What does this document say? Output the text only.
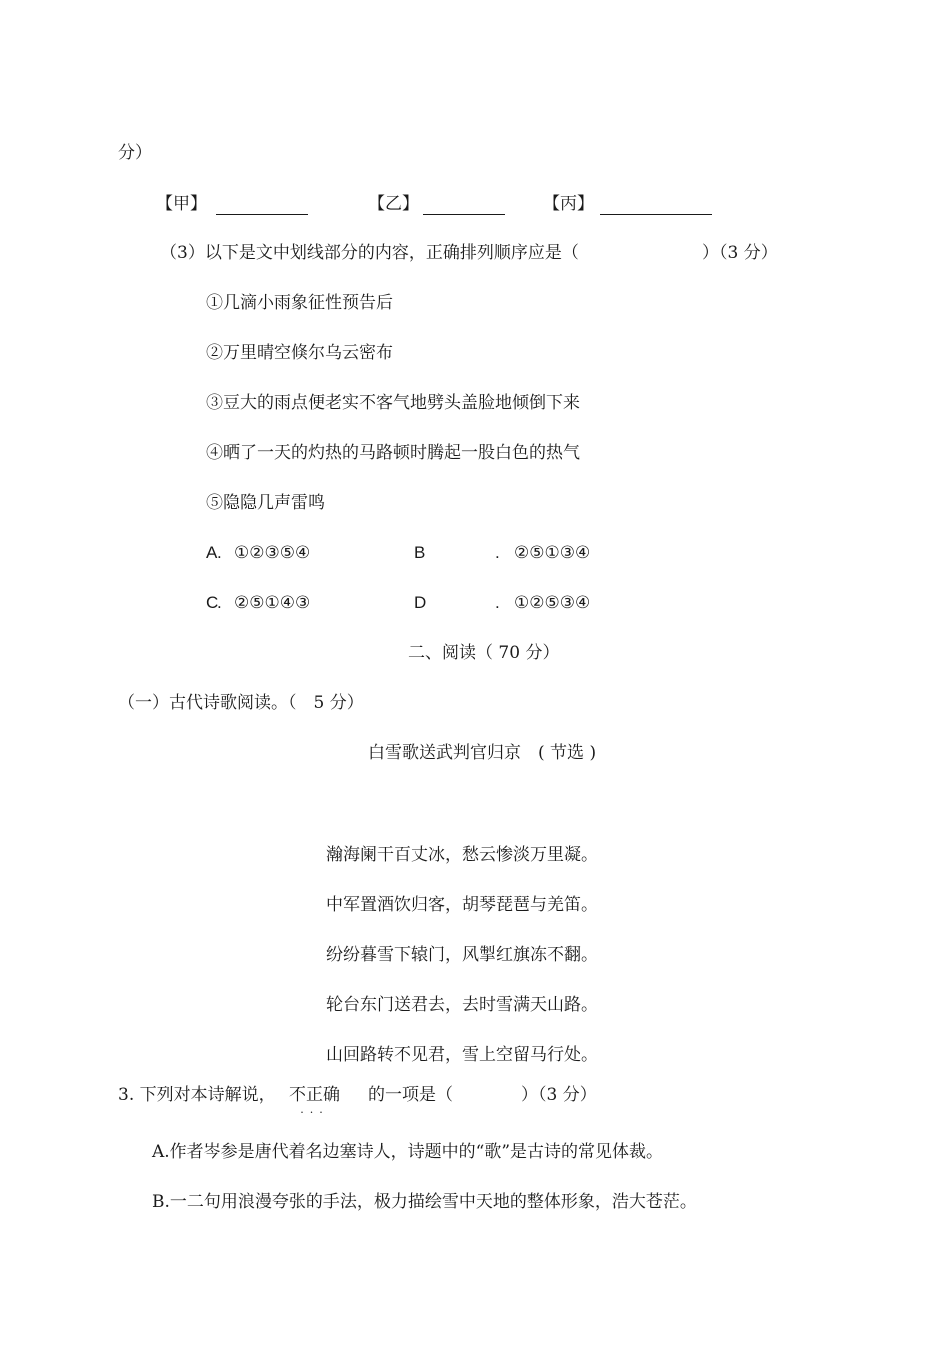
分）
【甲】	【乙】	【丙】
（3）以下是文中划线部分的内容，正确排列顺序应是（	）（3 分）
①几滴小雨象征性预告后
②万里晴空倏尔乌云密布
③豆大的雨点便老实不客气地劈头盖脸地倾倒下来
④晒了一天的灼热的马路顿时腾起一股白色的热气
⑤隐隐几声雷鸣
A . ①②③⑤④	B	. ②⑤①③④
C
. ②⑤①④③	D	. ①②⑤③④
二、阅读（ 70 分）
（一）古代诗歌阅读。（　5 分）
白雪歌送武判官归京　( 节选 )
瀚海阑干百丈冰，愁云惨淡万里凝。
中军置酒饮归客，胡琴琵琶与羌笛。
纷纷暮雪下辕门，风掣红旗冻不翻。
轮台东门送君去，去时雪满天山路。
山回路转不见君，雪上空留马行处。
3. 下列对本诗解说， 不正确
...
的一项是（	）（3 分）
A.作者岑参是唐代着名边塞诗人，诗题中的“歌”是古诗的常见体裁。
B.一二句用浪漫夸张的手法，极力描绘雪中天地的整体形象，浩大苍茫。
